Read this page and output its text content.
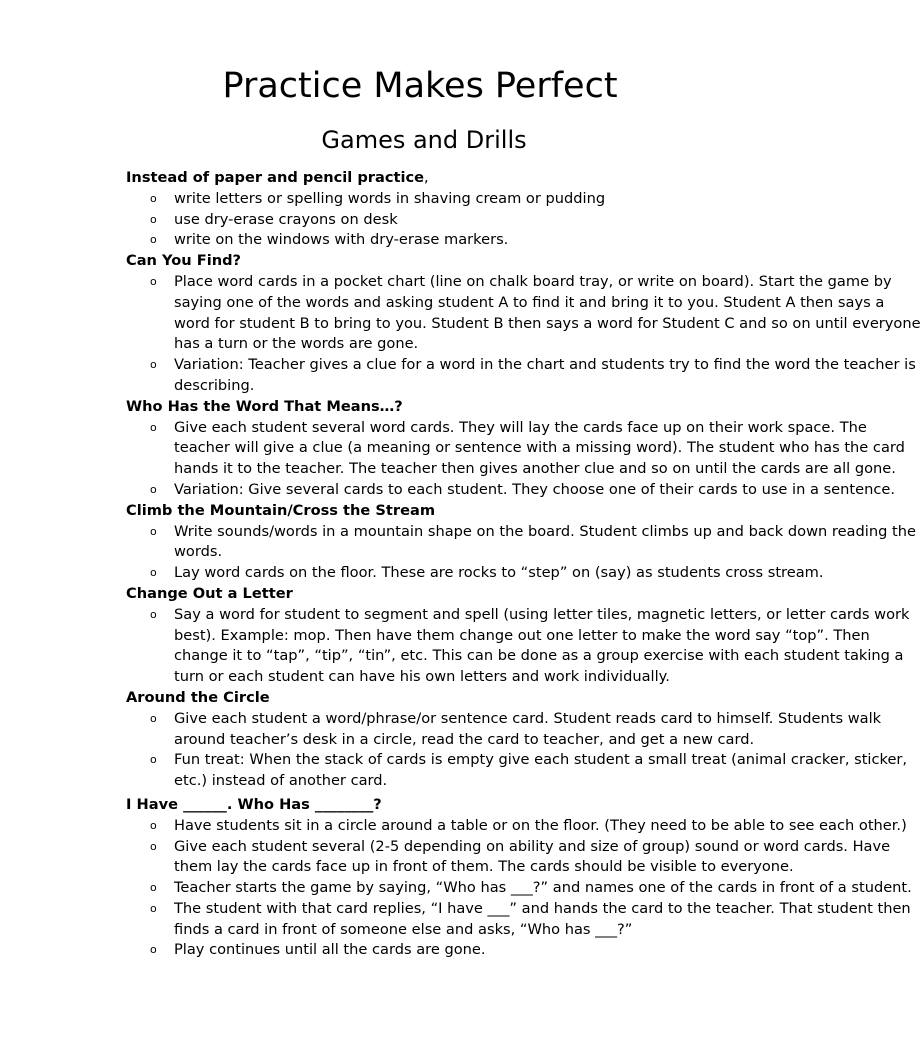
Practice Makes Perfect
Games and Drills
Instead of paper and pencil practice,
o write letters or spelling words in shaving cream or pudding
o use dry-erase crayons on desk
o write on the windows with dry-erase markers.
Can You Find?
o Place word cards in a pocket chart (line on chalk board tray, or write on board). Start the game by
saying one of the words and asking student A to find it and bring it to you. Student A then says a
word for student B to bring to you. Student B then says a word for Student C and so on until everyone
has a turn or the words are gone.
o Variation: Teacher gives a clue for a word in the chart and students try to find the word the teacher is
describing.
Who Has the Word That Means…?
o Give each student several word cards. They will lay the cards face up on their work space. The
teacher will give a clue (a meaning or sentence with a missing word). The student who has the card
hands it to the teacher. The teacher then gives another clue and so on until the cards are all gone.
o Variation: Give several cards to each student. They choose one of their cards to use in a sentence.
Climb the Mountain/Cross the Stream
o Write sounds/words in a mountain shape on the board. Student climbs up and back down reading the
words.
o Lay word cards on the floor. These are rocks to “step” on (say) as students cross stream.
Change Out a Letter
o Say a word for student to segment and spell (using letter tiles, magnetic letters, or letter cards work
best). Example: mop. Then have them change out one letter to make the word say “top”. Then
change it to “tap”, “tip”, “tin”, etc. This can be done as a group exercise with each student taking a
turn or each student can have his own letters and work individually.
Around the Circle
o Give each student a word/phrase/or sentence card. Student reads card to himself. Students walk
around teacher’s desk in a circle, read the card to teacher, and get a new card.
o Fun treat: When the stack of cards is empty give each student a small treat (animal cracker, sticker,
etc.) instead of another card.
I Have ______. Who Has ________?
o Have students sit in a circle around a table or on the floor. (They need to be able to see each other.)
o Give each student several (2-5 depending on ability and size of group) sound or word cards. Have
them lay the cards face up in front of them. The cards should be visible to everyone.
o Teacher starts the game by saying, “Who has ___?” and names one of the cards in front of a student.
o The student with that card replies, “I have ___” and hands the card to the teacher. That student then
finds a card in front of someone else and asks, “Who has ___?”
o Play continues until all the cards are gone.
